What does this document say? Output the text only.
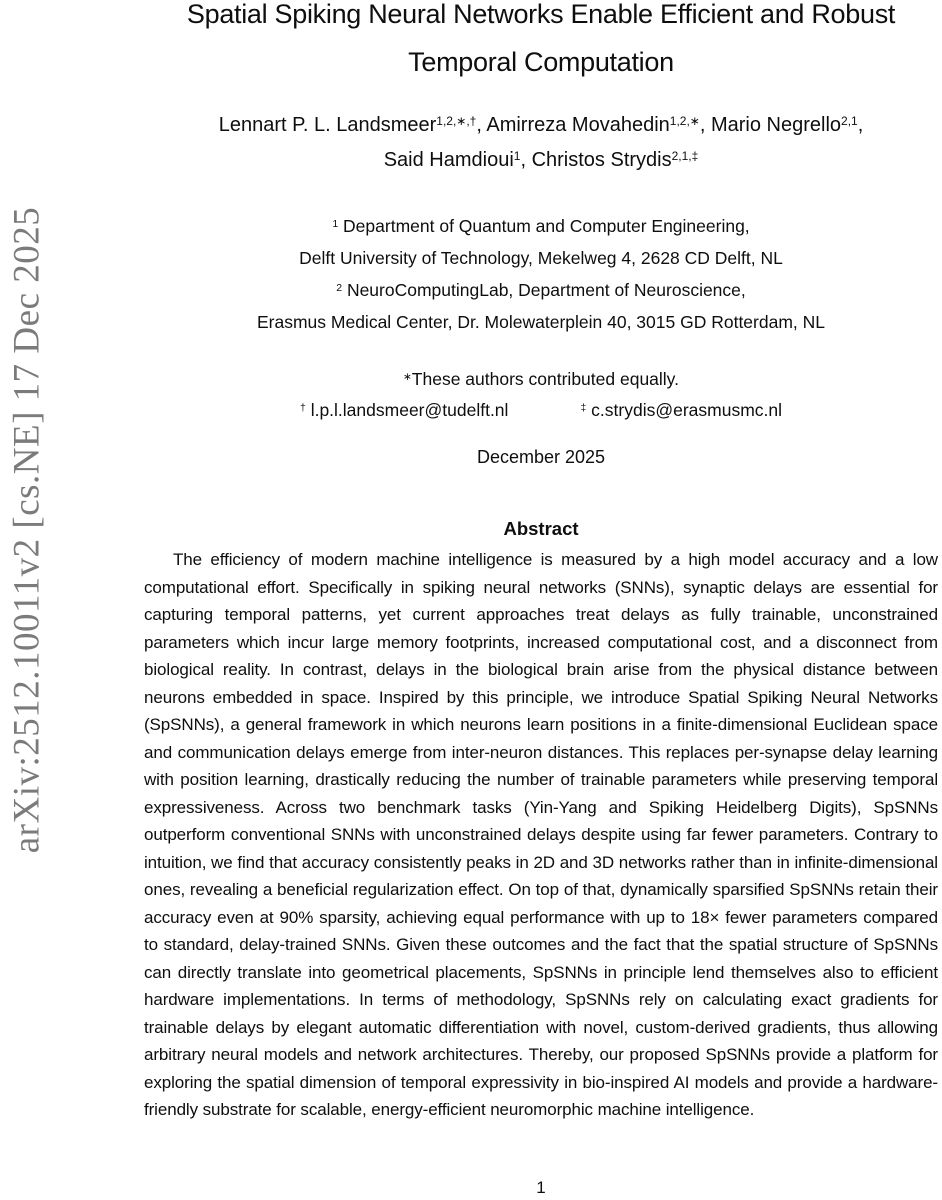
arXiv:2512.10011v2 [cs.NE] 17 Dec 2025
Spatial Spiking Neural Networks Enable Efficient and Robust
Temporal Computation
Lennart P. L. Landsmeer$^{1,2,∗,\dagger}$, Amirreza Movahedin$^{1,2,∗}$, Mario Negrello$^{2,1}$,
Said Hamdioui$^1$, Christos Strydis$^{2,1,\ddagger}$
$^1$ Department of Quantum and Computer Engineering,
Delft University of Technology, Mekelweg 4, 2628 CD Delft, NL
$^2$ NeuroComputingLab, Department of Neuroscience,
Erasmus Medical Center, Dr. Molewaterplein 40, 3015 GD Rotterdam, NL
∗These authors contributed equally.
† l.p.l.landsmeer@tudelft.nl	‡ c.strydis@erasmusmc.nl
December 2025
Abstract

The efficiency of modern machine intelligence is measured by a high model accuracy and a low computational effort. Specifically in spiking neural networks (SNNs), synaptic delays are essential for capturing temporal patterns, yet current approaches treat delays as fully trainable, unconstrained parameters which incur large memory footprints, increased computational cost, and a disconnect from biological reality. In contrast, delays in the biological brain arise from the physical distance between neurons embedded in space. Inspired by this principle, we introduce Spatial Spiking Neural Networks (SpSNNs), a general framework in which neurons learn positions in a finite-dimensional Euclidean space and communication delays emerge from inter-neuron distances. This replaces per-synapse delay learning with position learning, drastically reducing the number of trainable parameters while preserving temporal expressiveness. Across two benchmark tasks (Yin-Yang and Spiking Heidelberg Digits), SpSNNs outperform conventional SNNs with unconstrained delays despite using far fewer parameters. Contrary to intuition, we find that accuracy consistently peaks in 2D and 3D networks rather than in infinite-dimensional ones, revealing a beneficial regularization effect. On top of that, dynamically sparsified SpSNNs retain their accuracy even at 90% sparsity, achieving equal performance with up to 18× fewer parameters compared to standard, delay-trained SNNs. Given these outcomes and the fact that the spatial structure of SpSNNs can directly translate into geometrical placements, SpSNNs in principle lend themselves also to efficient hardware implementations. In terms of methodology, SpSNNs rely on calculating exact gradients for trainable delays by elegant automatic differentiation with novel, custom-derived gradients, thus allowing arbitrary neural models and network architectures. Thereby, our proposed SpSNNs provide a platform for exploring the spatial dimension of temporal expressivity in bio-inspired AI models and provide a hardware-friendly substrate for scalable, energy-efficient neuromorphic machine intelligence.

1
